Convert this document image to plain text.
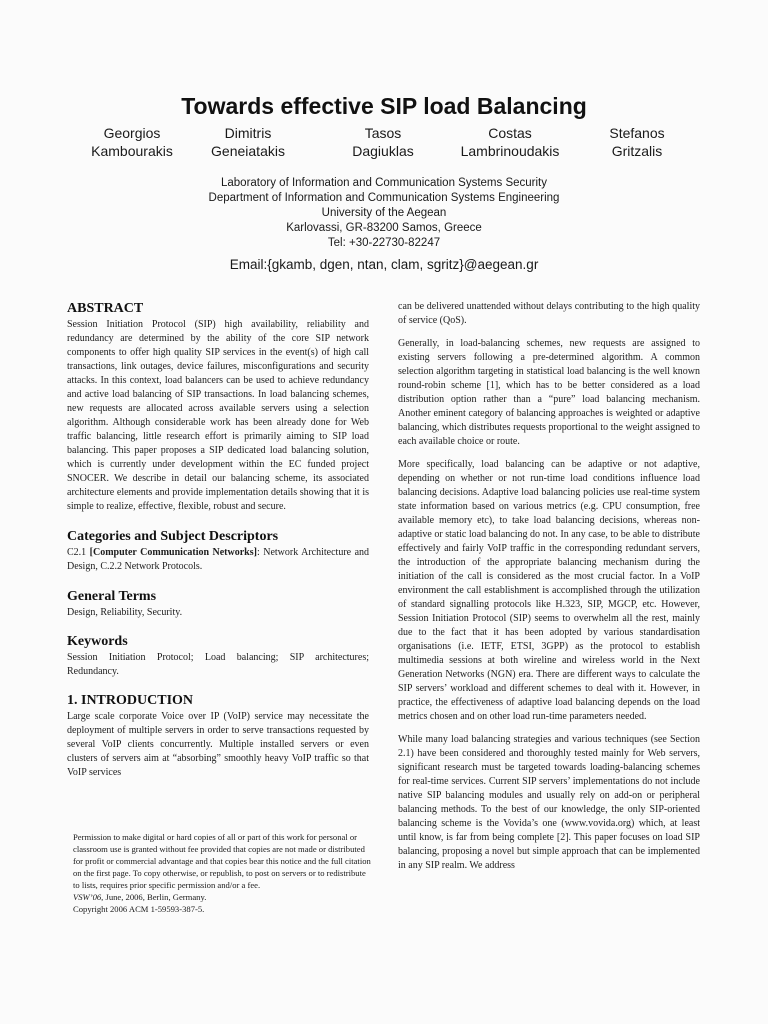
Towards effective SIP load Balancing
Georgios
Kambourakis
Dimitris
Geneiatakis
Tasos
Dagiuklas
Costas
Lambrinoudakis
Stefanos
Gritzalis
Laboratory of Information and Communication Systems Security
Department of Information and Communication Systems Engineering
University of the Aegean
Karlovassi, GR-83200 Samos, Greece
Tel: +30-22730-82247
Email:{gkamb, dgen, ntan, clam, sgritz}@aegean.gr
ABSTRACT

Session Initiation Protocol (SIP) high availability, reliability and redundancy are determined by the ability of the core SIP network components to offer high quality SIP services in the event(s) of high call transactions, link outages, device failures, misconfigurations and security attacks. In this context, load balancers can be used to achieve redundancy and active load balancing of SIP transactions. In load balancing schemes, new requests are allocated across available servers using a selection algorithm. Although considerable work has been already done for Web traffic balancing, little research effort is primarily aiming to SIP load balancing. This paper proposes a SIP dedicated load balancing solution, which is currently under development within the EC funded project SNOCER. We describe in detail our balancing scheme, its associated architecture elements and provide implementation details showing that it is simple to realize, effective, flexible, robust and secure.

Categories and Subject Descriptors

C2.1 [Computer Communication Networks]: Network Architecture and Design, C.2.2 Network Protocols.

General Terms

Design, Reliability, Security.

Keywords

Session Initiation Protocol; Load balancing; SIP architectures; Redundancy.

1. INTRODUCTION

Large scale corporate Voice over IP (VoIP) service may necessitate the deployment of multiple servers in order to serve transactions requested by several VoIP clients concurrently. Multiple installed servers or even clusters of servers aim at “absorbing” smoothly heavy VoIP traffic so that VoIP services

Permission to make digital or hard copies of all or part of this work for personal or classroom use is granted without fee provided that copies are not made or distributed for profit or commercial advantage and that copies bear this notice and the full citation on the first page. To copy otherwise, or republish, to post on servers or to redistribute to lists, requires prior specific permission and/or a fee.
VSW’06, June, 2006, Berlin, Germany.
Copyright 2006 ACM 1-59593-387-5.

can be delivered unattended without delays contributing to the high quality of service (QoS).

Generally, in load-balancing schemes, new requests are assigned to existing servers following a pre-determined algorithm. A common selection algorithm targeting in statistical load balancing is the well known round-robin scheme [1], which has to be better considered as a load distribution option rather than a “pure” load balancing mechanism. Another eminent category of balancing approaches is weighted or adaptive balancing, which distributes requests proportional to the weight assigned to each available choice or route.

More specifically, load balancing can be adaptive or not adaptive, depending on whether or not run-time load conditions influence load balancing decisions. Adaptive load balancing policies use real-time system state information based on various metrics (e.g. CPU consumption, free available memory etc), to take load balancing decisions, whereas non-adaptive or static load balancing do not. In any case, to be able to distribute effectively and fairly VoIP traffic in the corresponding redundant servers, the introduction of the appropriate balancing mechanism during the initiation of the call is considered as the most crucial factor. In a VoIP environment the call establishment is accomplished through the utilization of standard signalling protocols like H.323, SIP, MGCP, etc. However, Session Initiation Protocol (SIP) seems to overwhelm all the rest, mainly due to the fact that it has been adopted by various standardisation organisations (i.e. IETF, ETSI, 3GPP) as the protocol to establish multimedia sessions at both wireline and wireless world in the Next Generation Networks (NGN) era. There are different ways to calculate the SIP servers’ workload and different schemes to deal with it. However, in practice, the effectiveness of adaptive load balancing depends on the load metrics chosen and on other load run-time parameters needed.

While many load balancing strategies and various techniques (see Section 2.1) have been considered and thoroughly tested mainly for Web servers, significant research must be targeted towards loading-balancing schemes for real-time services. Current SIP servers’ implementations do not include native SIP balancing modules and usually rely on add-on or peripheral balancing methods. To the best of our knowledge, the only SIP-oriented balancing scheme is the Vovida’s one (www.vovida.org) which, at least until know, is far from being complete [2]. This paper focuses on load SIP balancing, proposing a novel but simple approach that can be implemented in any SIP realm. We address
